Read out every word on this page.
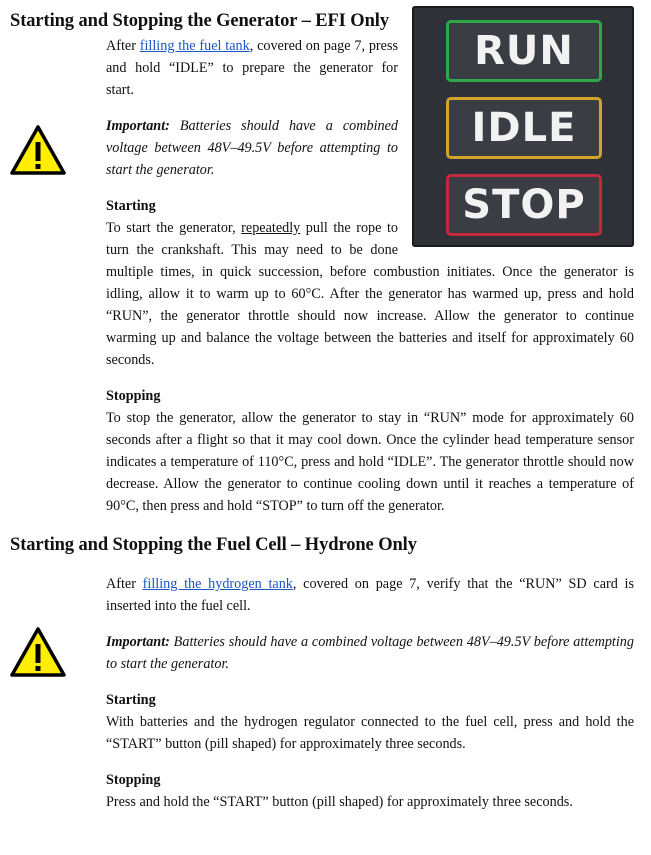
Starting and Stopping the Generator – EFI Only
RUN
IDLE
STOP
After filling the fuel tank, covered on page 7, press
and hold “IDLE” to prepare the generator for
start.
Important: Batteries should have a combined
voltage between 48V–49.5V before attempting to
start the generator.
Starting
To start the generator, repeatedly pull the rope to
turn the crankshaft. This may need to be done
multiple times, in quick succession, before combustion initiates. Once the generator is idling, allow it to warm up to 60°C. After the generator has warmed up, press and hold “RUN”, the generator throttle should now increase. Allow the generator to continue warming up and balance the voltage between the batteries and itself for approximately 60 seconds.
Stopping
To stop the generator, allow the generator to stay in “RUN” mode for approximately 60 seconds after a flight so that it may cool down. Once the cylinder head temperature sensor indicates a temperature of 110°C, press and hold “IDLE”. The generator throttle should now decrease. Allow the generator to continue cooling down until it reaches a temperature of 90°C, then press and hold “STOP” to turn off the generator.
Starting and Stopping the Fuel Cell – Hydrone Only
After filling the hydrogen tank, covered on page 7, verify that the “RUN” SD card is inserted into the fuel cell.
Important: Batteries should have a combined voltage between 48V–49.5V before attempting to start the generator.
Starting
With batteries and the hydrogen regulator connected to the fuel cell, press and hold the “START” button (pill shaped) for approximately three seconds.
Stopping
Press and hold the “START” button (pill shaped) for approximately three seconds.
